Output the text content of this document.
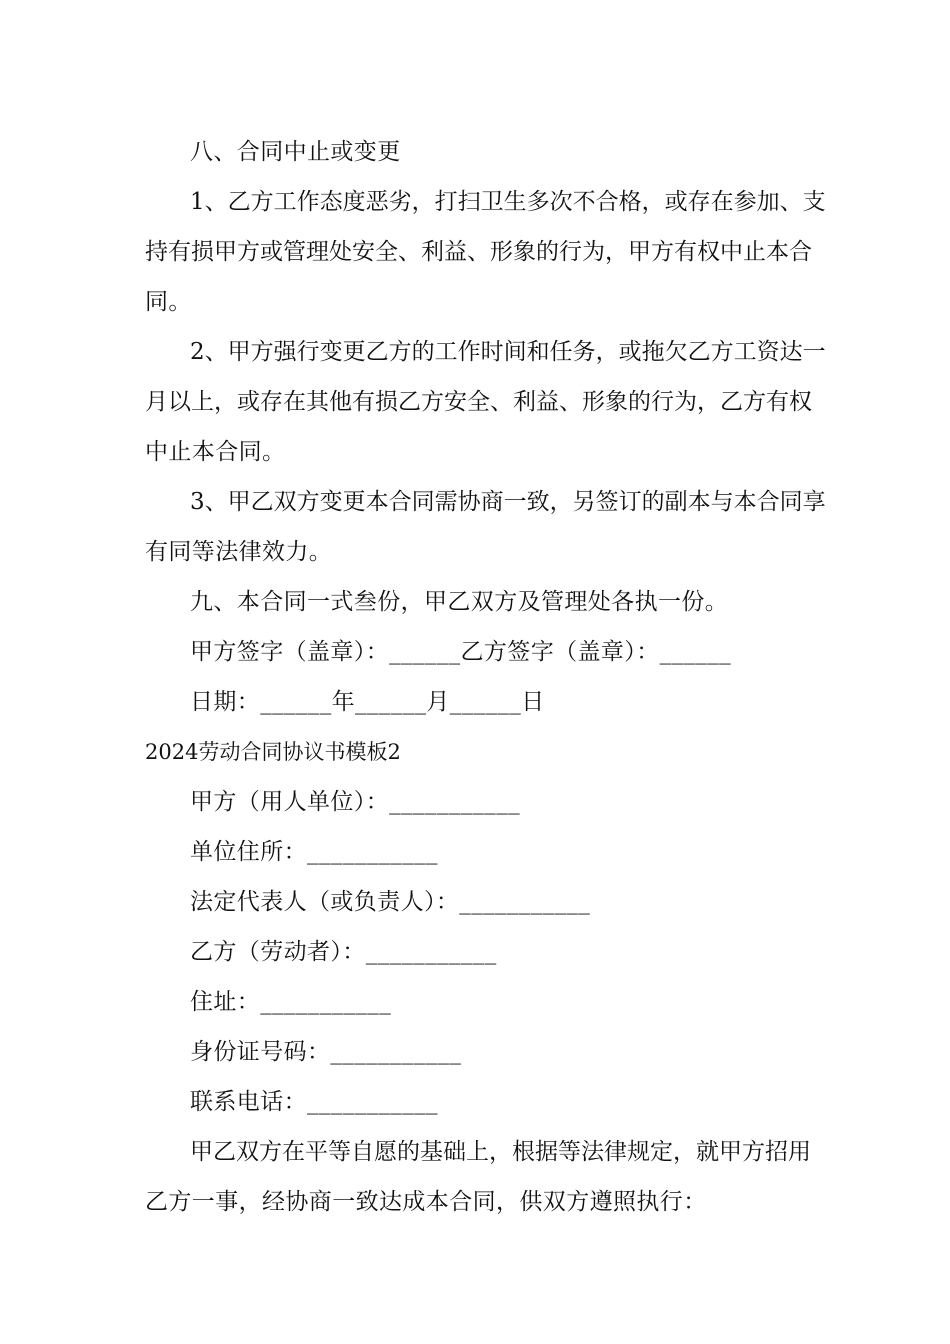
八、合同中止或变更
1、乙方工作态度恶劣，打扫卫生多次不合格，或存在参加、支
持有损甲方或管理处安全、利益、形象的行为，甲方有权中止本合
同。
2、甲方强行变更乙方的工作时间和任务，或拖欠乙方工资达一
月以上，或存在其他有损乙方安全、利益、形象的行为，乙方有权
中止本合同。
3、甲乙双方变更本合同需协商一致，另签订的副本与本合同享
有同等法律效力。
九、本合同一式叁份，甲乙双方及管理处各执一份。
甲方签字（盖章）：______乙方签字（盖章）：______
日期：______年______月______日
2024劳动合同协议书模板2
甲方（用人单位）：___________
单位住所：___________
法定代表人（或负责人）：___________
乙方（劳动者）：___________
住址：___________
身份证号码：___________
联系电话：___________
甲乙双方在平等自愿的基础上，根据等法律规定，就甲方招用
乙方一事，经协商一致达成本合同，供双方遵照执行：
